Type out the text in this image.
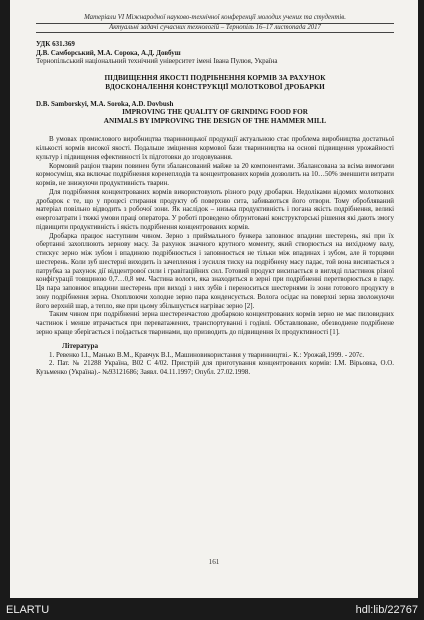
Матеріали VI Міжнародної науково-технічної конференції молодих учених та студентів.
Актуальні задачі сучасних технологій – Тернопіль 16–17 листопада 2017
УДК 631.369
Д.В. Самборський, М.А. Сорока, А.Д. Довбуш
Тернопільський національний технічний університет імені Івана Пулюя, Україна
ПІДВИЩЕННЯ ЯКОСТІ ПОДРІБНЕННЯ КОРМІВ ЗА РАХУНОК
ВДОСКОНАЛЕННЯ КОНСТРУКЦІЇ МОЛОТКОВОЇ ДРОБАРКИ
D.B. Samborskyi, M.A. Soroka, A.D. Dovbush
IMPROVING THE QUALITY OF GRINDING FOOD FOR
ANIMALS BY IMPROVING THE DESIGN OF THE HAMMER MILL

В умовах промислового виробництва тваринницької продукції актуальною стає проблема виробництва достатньої кількості кормів високої якості. Подальше зміцнення кормової бази тваринництва на основі підвищення урожайності культур і підвищення ефективності їх підготовки до згодовування.

Кормовий раціон тварин повинен бути збалансований майже за 20 компонентами. Збалансована за всіма вимогами кормосуміш, яка включає подрібнення коренеплодів та концентрованих кормів дозволить на 10…50% зменшити витрати кормів, не знижуючи продуктивність тварин.

Для подрібнення концентрованих кормів використовують різного роду дробарки. Недоліками відомих молоткових дробарок є те, що у процесі стирання продукту об поверхню сита, забиваються його отвори. Тому обробляваний матеріал повільно відводить з робочої зони. Як наслідок – низька продуктивність і погана якість подрібнення, великі енергозатрати і тяжкі умови праці оператора. У роботі проведено обґрунтовані конструкторські рішення які дають змогу підвищити продуктивність і якість подрібнення концентрованих кормів.

Дробарка працює наступним чином. Зерно з приймального бункера заповнює впадини шестерень, які при їх обертанні захоплюють зернову масу. За рахунок значного крутного моменту, який створюється на вихідному валу, стискує зерно між зубом і впадиною подрібнюється і заповнюється не тільки між впадинах і зубом, але й торцями шестерень. Коли зуб шестерні виходить із зачеплення і зусилля тиску на подрібнену масу падає, той вона висипається з патрубка за рахунок дії відцентрової сили і гравітаційних сил. Готовий продукт висипається в вигляді пластинок різної конфігурації товщиною 0,7…0,8 мм. Частина вологи, яка знаходиться в зерні при подрібненні перетворюється в пару. Ця пара заповнює впадини шестерень при виході з них зубів і переноситься шестернями із зони готового продукту в зону подрібнення зерна. Охоплюючи холодне зерно пара конденсується. Волога осідає на поверхні зерна зволожуючи його верхній шар, а тепло, яке при цьому збільшується нагріває зерно [2].

Таким чином при подрібненні зерна шестеренчастою дробаркою концентрованих кормів зерно не має пиловидних частинок і менше втрачається при переватажених, транспортуванні і годівлі. Обставлюване, обезводнене подрібнене зерно краще зберігається і поїдається тваринами, що призводить до підвищення їх продуктивності [1].

Література

1. Ревенко І.І., Манько В.М., Кравчук В.І., Машиновикористання у тваринництві.- К.: Урожай,1999. - 207с.

2. Пат. № 21288 Україна, В02 С 4/02. Пристрій для приготування концентрованих кормів: І.М. Вірьовка, О.О. Кузьменко (Україна).- №93121686; Заявл. 04.11.1997; Опубл. 27.02.1998.

161
ELARTU	hdl:lib/22767
